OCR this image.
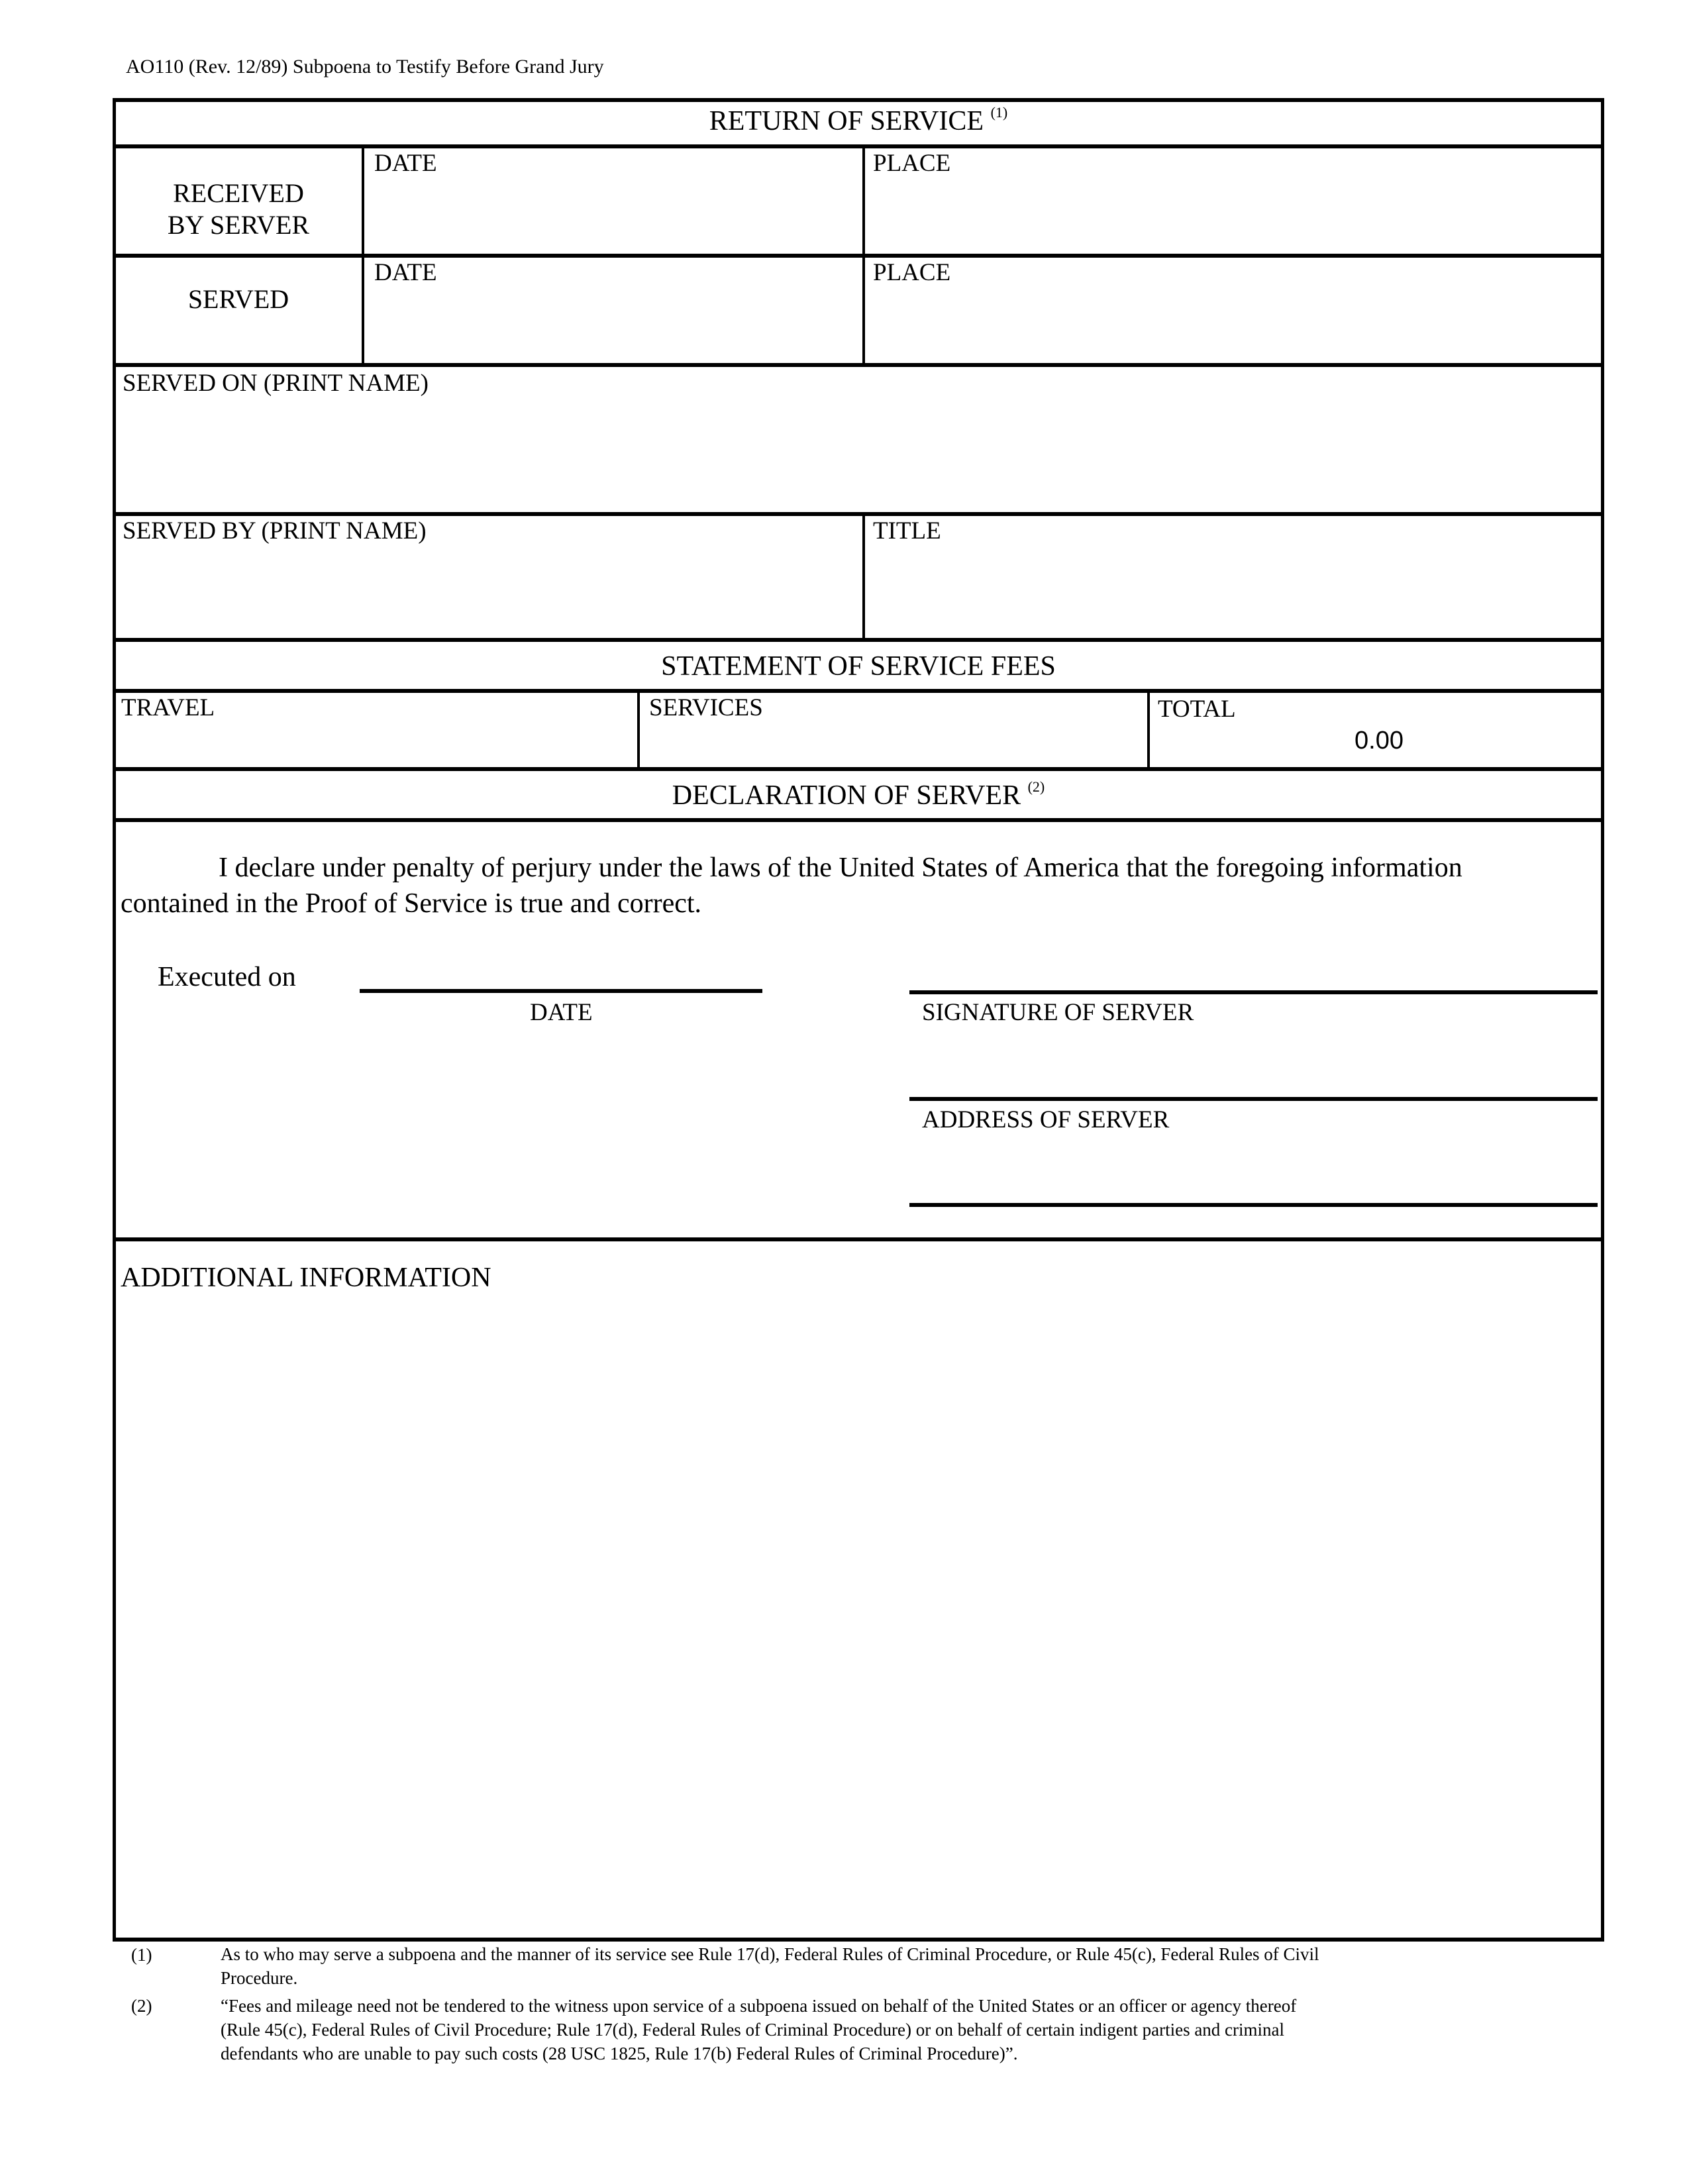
AO110 (Rev. 12/89) Subpoena to Testify Before Grand Jury
RETURN OF SERVICE $^{(1)}$
RECEIVED
BY SERVER
DATE	PLACE
SERVED
DATE	PLACE
SERVED ON (PRINT NAME)
SERVED BY (PRINT NAME)	TITLE
STATEMENT OF SERVICE FEES
TRAVEL	SERVICES	TOTAL
0.00
DECLARATION OF SERVER $^{(2)}$
I declare under penalty of perjury under the laws of the United States of America that the foregoing information
contained in the Proof of Service is true and correct.
Executed on
DATE	SIGNATURE OF SERVER
ADDRESS OF SERVER
ADDITIONAL INFORMATION
(1)	As to who may serve a subpoena and the manner of its service see Rule 17(d), Federal Rules of Criminal Procedure, or Rule 45(c), Federal Rules of Civil
Procedure.
(2)	“Fees and mileage need not be tendered to the witness upon service of a subpoena issued on behalf of the United States or an officer or agency thereof
(Rule 45(c), Federal Rules of Civil Procedure; Rule 17(d), Federal Rules of Criminal Procedure) or on behalf of certain indigent parties and criminal
defendants who are unable to pay such costs (28 USC 1825, Rule 17(b) Federal Rules of Criminal Procedure)”.
